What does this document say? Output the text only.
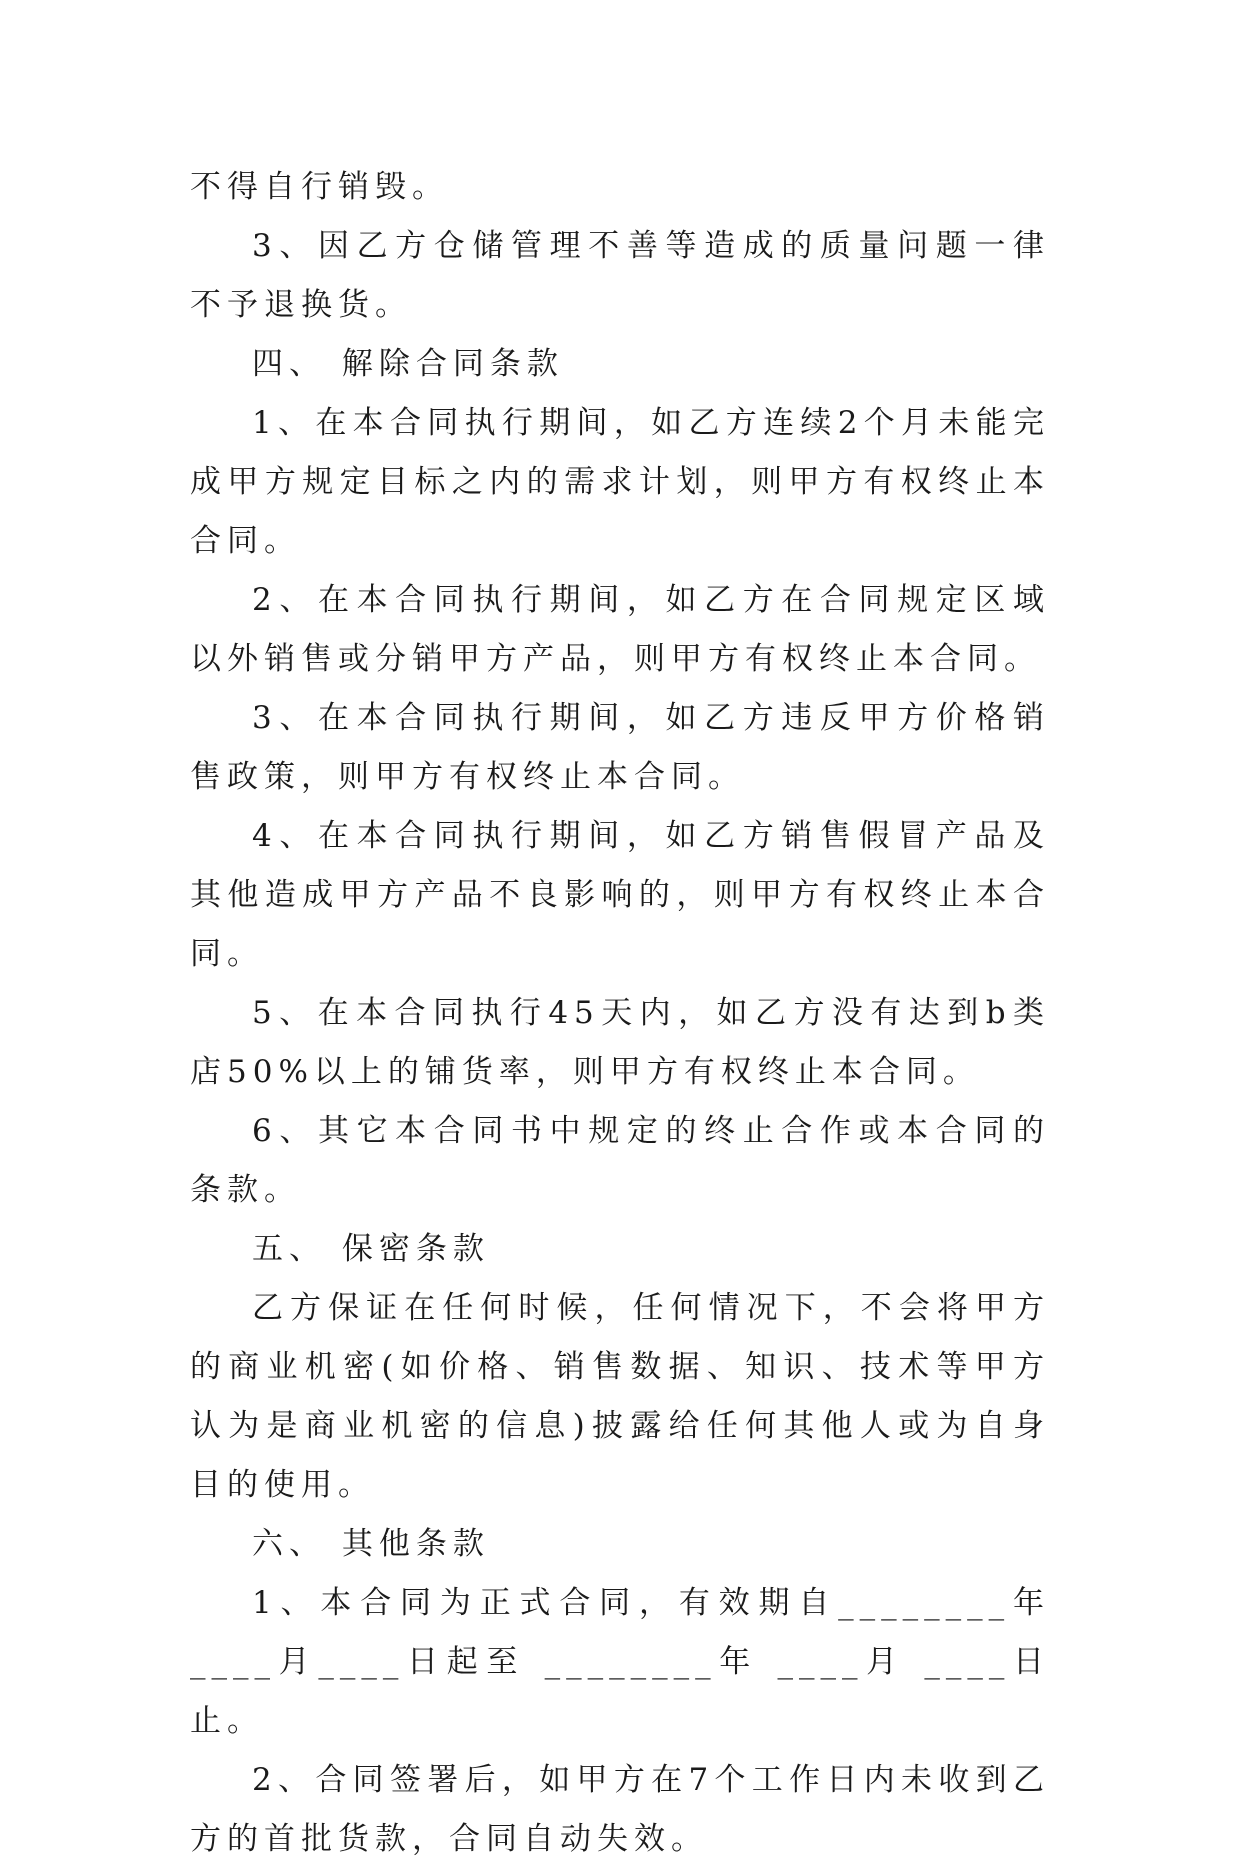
不得自行销毁。

3、因乙方仓储管理不善等造成的质量问题一律不予退换货。

四、 解除合同条款

1、在本合同执行期间，如乙方连续2个月未能完成甲方规定目标之内的需求计划，则甲方有权终止本合同。

2、在本合同执行期间，如乙方在合同规定区域以外销售或分销甲方产品，则甲方有权终止本合同。

3、在本合同执行期间，如乙方违反甲方价格销售政策，则甲方有权终止本合同。

4、在本合同执行期间，如乙方销售假冒产品及其他造成甲方产品不良影响的，则甲方有权终止本合同。

5、在本合同执行45天内，如乙方没有达到b类店50%以上的铺货率，则甲方有权终止本合同。

6、其它本合同书中规定的终止合作或本合同的条款。

五、 保密条款

乙方保证在任何时候，任何情况下，不会将甲方的商业机密(如价格、销售数据、知识、技术等甲方认为是商业机密的信息)披露给任何其他人或为自身目的使用。

六、 其他条款

1、本合同为正式合同，有效期自________年 ____月____日起至 ________年 ____月 ____日止。

2、合同签署后，如甲方在7个工作日内未收到乙方的首批货款，合同自动失效。
